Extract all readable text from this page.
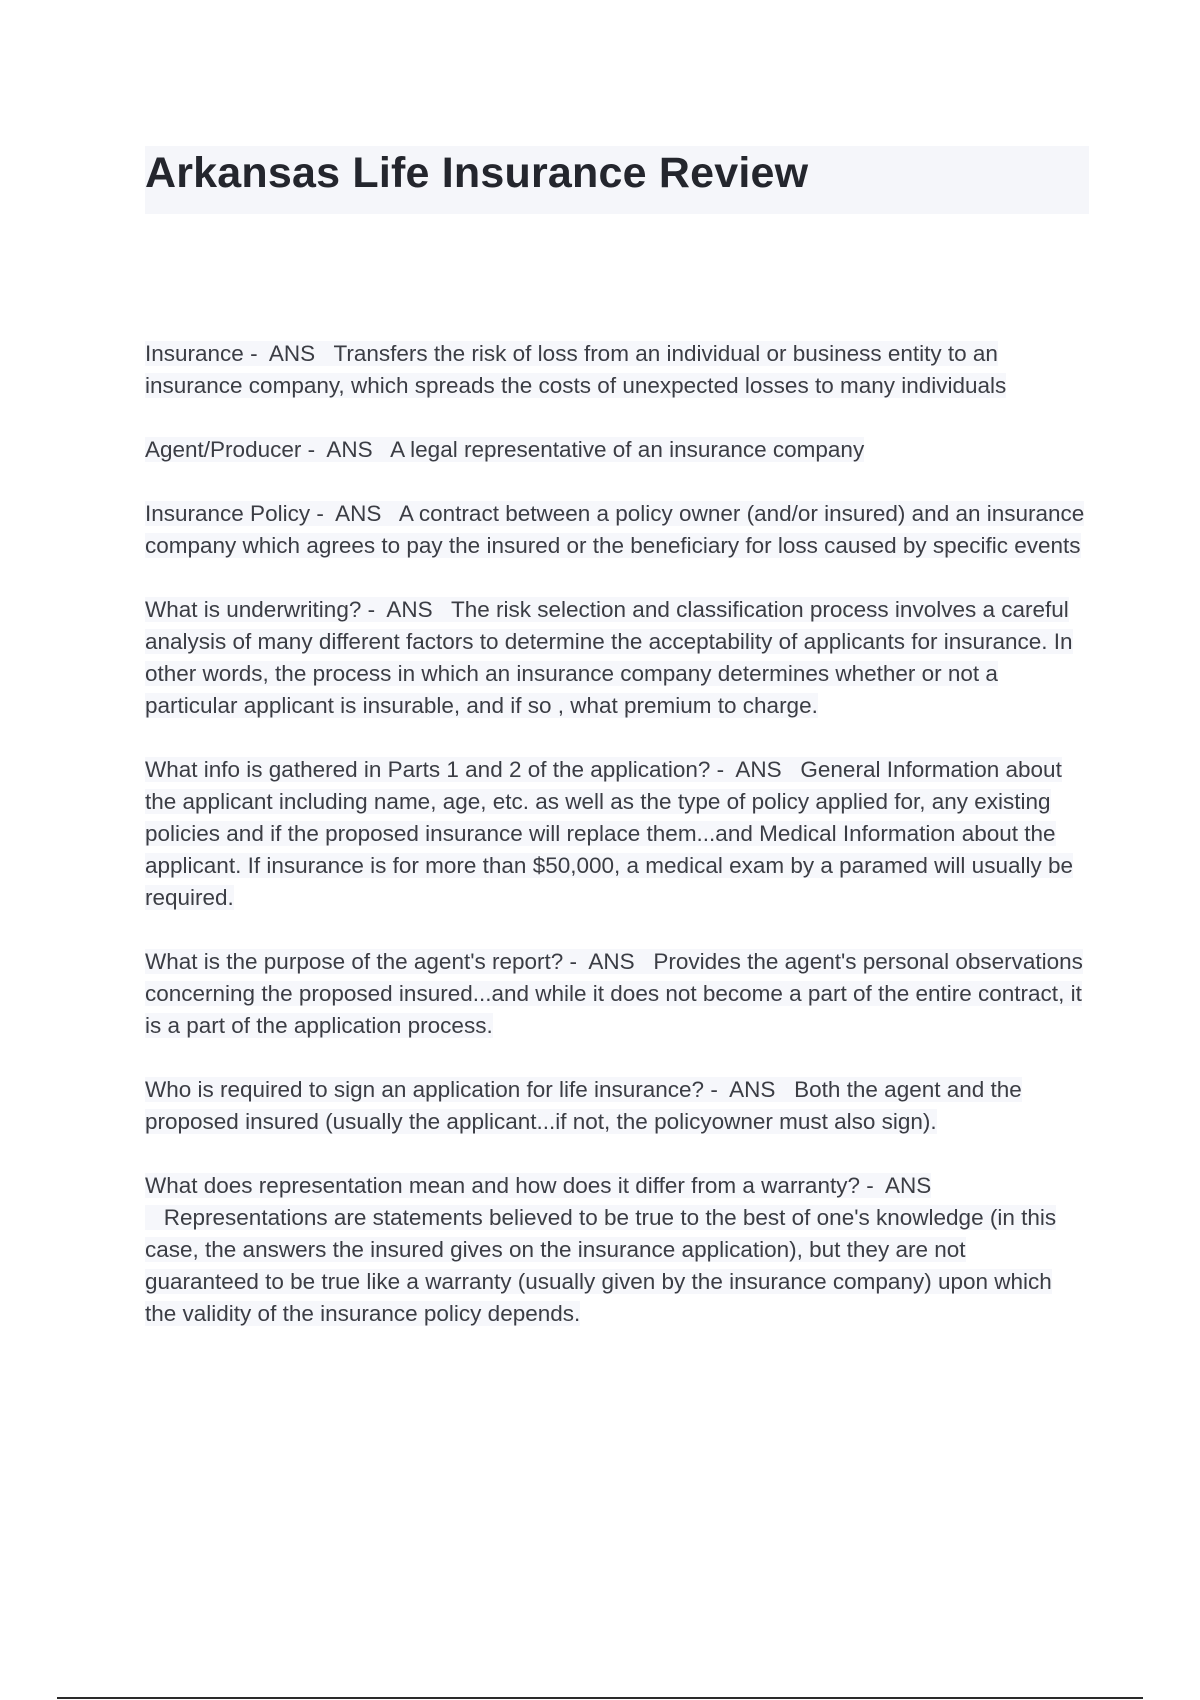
Arkansas Life Insurance Review
Insurance -  ANS Transfers the risk of loss from an individual or business entity to an insurance company, which spreads the costs of unexpected losses to many individuals
Agent/Producer -  ANS A legal representative of an insurance company
Insurance Policy -  ANS A contract between a policy owner (and/or insured) and an insurance company which agrees to pay the insured or the beneficiary for loss caused by specific events
What is underwriting? -  ANS The risk selection and classification process involves a careful analysis of many different factors to determine the acceptability of applicants for insurance. In other words, the process in which an insurance company determines whether or not a particular applicant is insurable, and if so , what premium to charge.
What info is gathered in Parts 1 and 2 of the application? -  ANS General Information about the applicant including name, age, etc. as well as the type of policy applied for, any existing policies and if the proposed insurance will replace them...and Medical Information about the applicant. If insurance is for more than $50,000, a medical exam by a paramed will usually be required.
What is the purpose of the agent's report? -  ANS Provides the agent's personal observations concerning the proposed insured...and while it does not become a part of the entire contract, it is a part of the application process.
Who is required to sign an application for life insurance? -  ANS Both the agent and the proposed insured (usually the applicant...if not, the policyowner must also sign).
What does representation mean and how does it differ from a warranty? -  ANS   Representations are statements believed to be true to the best of one's knowledge (in this case, the answers the insured gives on the insurance application), but they are not guaranteed to be true like a warranty (usually given by the insurance company) upon which the validity of the insurance policy depends.
